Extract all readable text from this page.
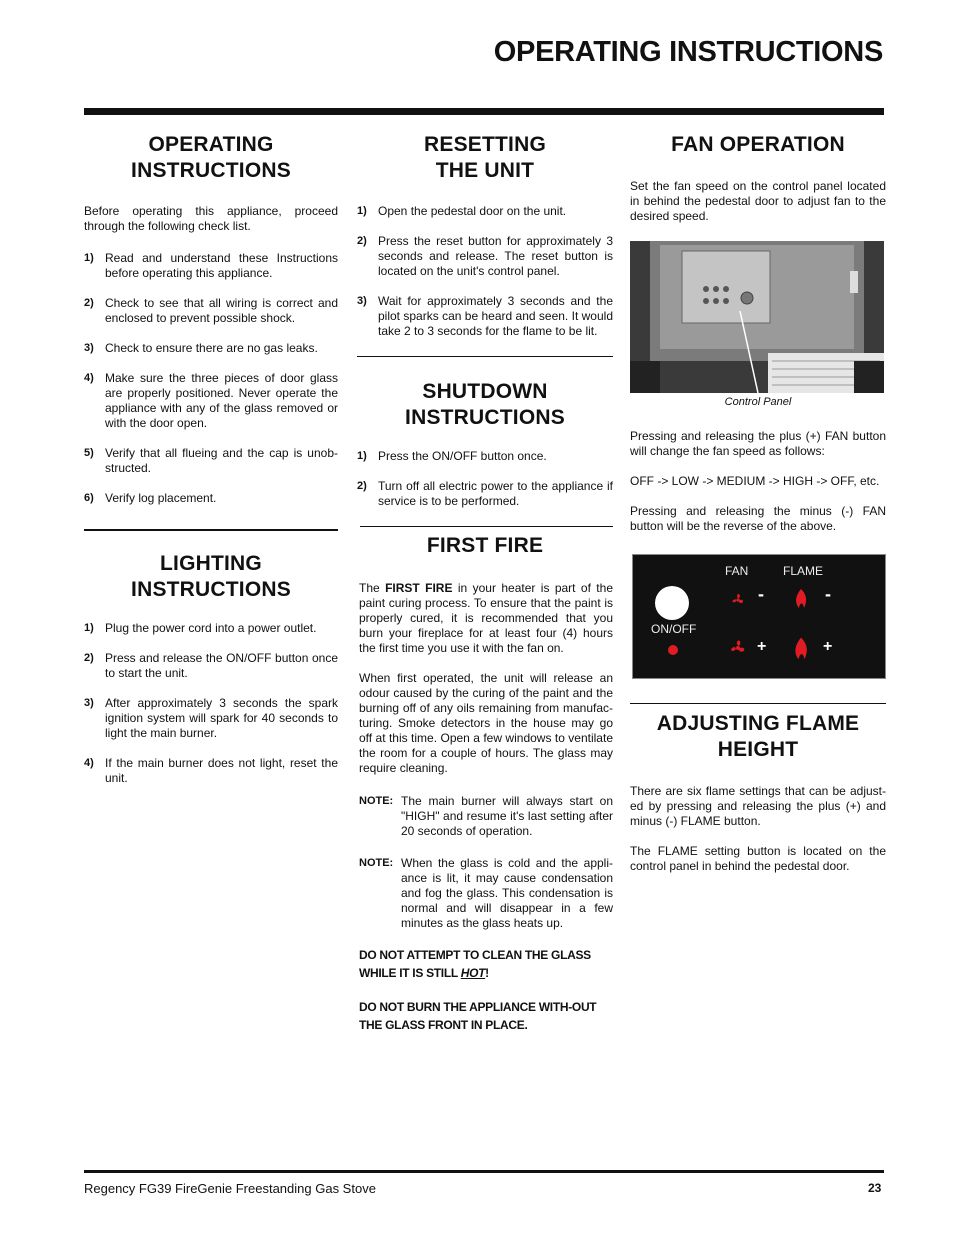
OPERATING INSTRUCTIONS
OPERATING
INSTRUCTIONS

Before operating this appliance, proceed through the following check list.

1) Read and understand these Instructions before operating this appliance.
2) Check to see that all wiring is correct and enclosed to prevent possible shock.
3) Check to ensure there are no gas leaks.
4) Make sure the three pieces of door glass are properly positioned. Never operate the appliance with any of the glass removed or with the door open.
5) Verify that all flueing and the cap is unob-structed.
6) Verify log placement.
LIGHTING
INSTRUCTIONS
1) Plug the power cord into a power outlet.
2) Press and release the ON/OFF button once to start the unit.
3) After approximately 3 seconds the spark ignition system will spark for 40 seconds to light the main burner.
4) If the main burner does not light, reset the unit.
RESETTING
THE UNIT
1) Open the pedestal door on the unit.
2) Press the reset button for approximately 3 seconds and release. The reset button is located on the unit's control panel.
3) Wait for approximately 3 seconds and the pilot sparks can be heard and seen. It would take 2 to 3 seconds for the flame to be lit.
SHUTDOWN
INSTRUCTIONS
1) Press the ON/OFF button once.
2) Turn off all electric power to the appliance if service is to be performed.
FIRST FIRE

The FIRST FIRE in your heater is part of the paint curing process. To ensure that the paint is properly cured, it is recommended that you burn your fireplace for at least four (4) hours the first time you use it with the fan on.

When first operated, the unit will release an odour caused by the curing of the paint and the burning off of any oils remaining from manufac-turing. Smoke detectors in the house may go off at this time. Open a few windows to ventilate the room for a couple of hours. The glass may require cleaning.

NOTE: The main burner will always start on "HIGH" and resume it's last setting after 20 seconds of operation.
NOTE: When the glass is cold and the appli-ance is lit, it may cause condensation and fog the glass. This condensation is normal and will disappear in a few minutes as the glass heats up.
DO NOT ATTEMPT TO CLEAN THE GLASS WHILE IT IS STILL HOT!
DO NOT BURN THE APPLIANCE WITH-OUT THE GLASS FRONT IN PLACE.
FAN OPERATION

Set the fan speed on the control panel located in behind the pedestal door to adjust fan to the desired speed.

Control Panel

Pressing and releasing the plus (+) FAN button will change the fan speed as follows:

OFF -> LOW -> MEDIUM -> HIGH -> OFF, etc.

Pressing and releasing the minus (-) FAN button will be the reverse of the above.

FAN	FLAME
ON/OFF
-	-
+	+
ADJUSTING FLAME
HEIGHT

There are six flame settings that can be adjust-ed by pressing and releasing the plus (+) and minus (-) FLAME button.

The FLAME setting button is located on the control panel in behind the pedestal door.

Regency FG39 FireGenie Freestanding Gas Stove	23
